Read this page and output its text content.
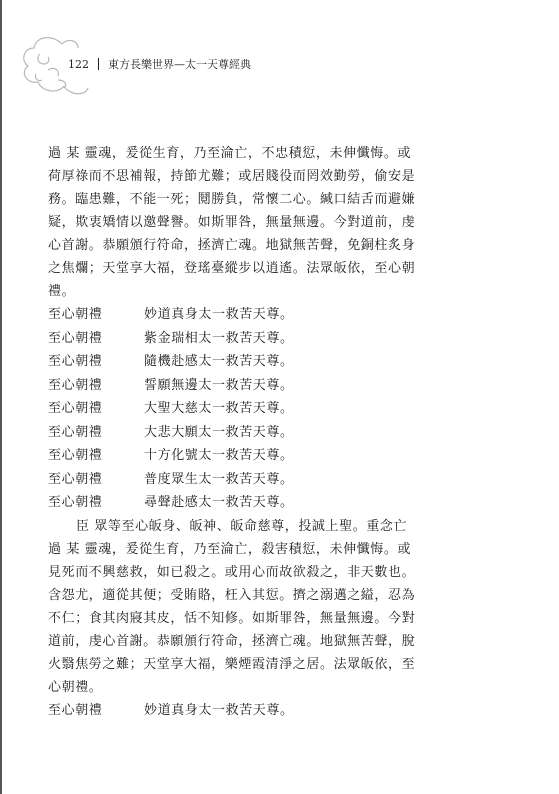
122 東方長樂世界—太一天尊經典
過 某 靈魂，爰從生育，乃至淪亡，不忠積愆，未伸懺悔。或
荷厚祿而不思補報，持節尤難；或居賤役而罔效勤勞，偷安是
務。臨患難，不能一死；鬩勝負，常懷二心。緘口結舌而避嫌
疑，欺衷矯情以邀聲譽。如斯罪咎，無量無邊。今對道前，虔
心首謝。恭願頒行符命，拯濟亡魂。地獄無苦聲，免銅柱炙身
之焦爛；天堂享大福，登瑤臺縱步以逍遙。法眾皈依，至心朝
禮。
至心朝禮	妙道真身太一救苦天尊。
至心朝禮	紫金瑞相太一救苦天尊。
至心朝禮	隨機赴感太一救苦天尊。
至心朝禮	誓願無邊太一救苦天尊。
至心朝禮	大聖大慈太一救苦天尊。
至心朝禮	大悲大願太一救苦天尊。
至心朝禮	十方化號太一救苦天尊。
至心朝禮	普度眾生太一救苦天尊。
至心朝禮	尋聲赴感太一救苦天尊。
臣 眾等至心皈身、皈神、皈命慈尊，投誠上聖。重念亡
過 某 靈魂，爰從生育，乃至淪亡，殺害積愆，未伸懺悔。或
見死而不興慈救，如已殺之。或用心而故欲殺之，非天數也。
含怨尤，適從其便；受賄賂，枉入其愆。擠之溺邁之縊，忍為
不仁；食其肉寢其皮，恬不知修。如斯罪咎，無量無邊。今對
道前，虔心首謝。恭願頒行符命，拯濟亡魂。地獄無苦聲，脫
火翳焦勞之難；天堂享大福，樂煙霞清淨之居。法眾皈依，至
心朝禮。
至心朝禮	妙道真身太一救苦天尊。
